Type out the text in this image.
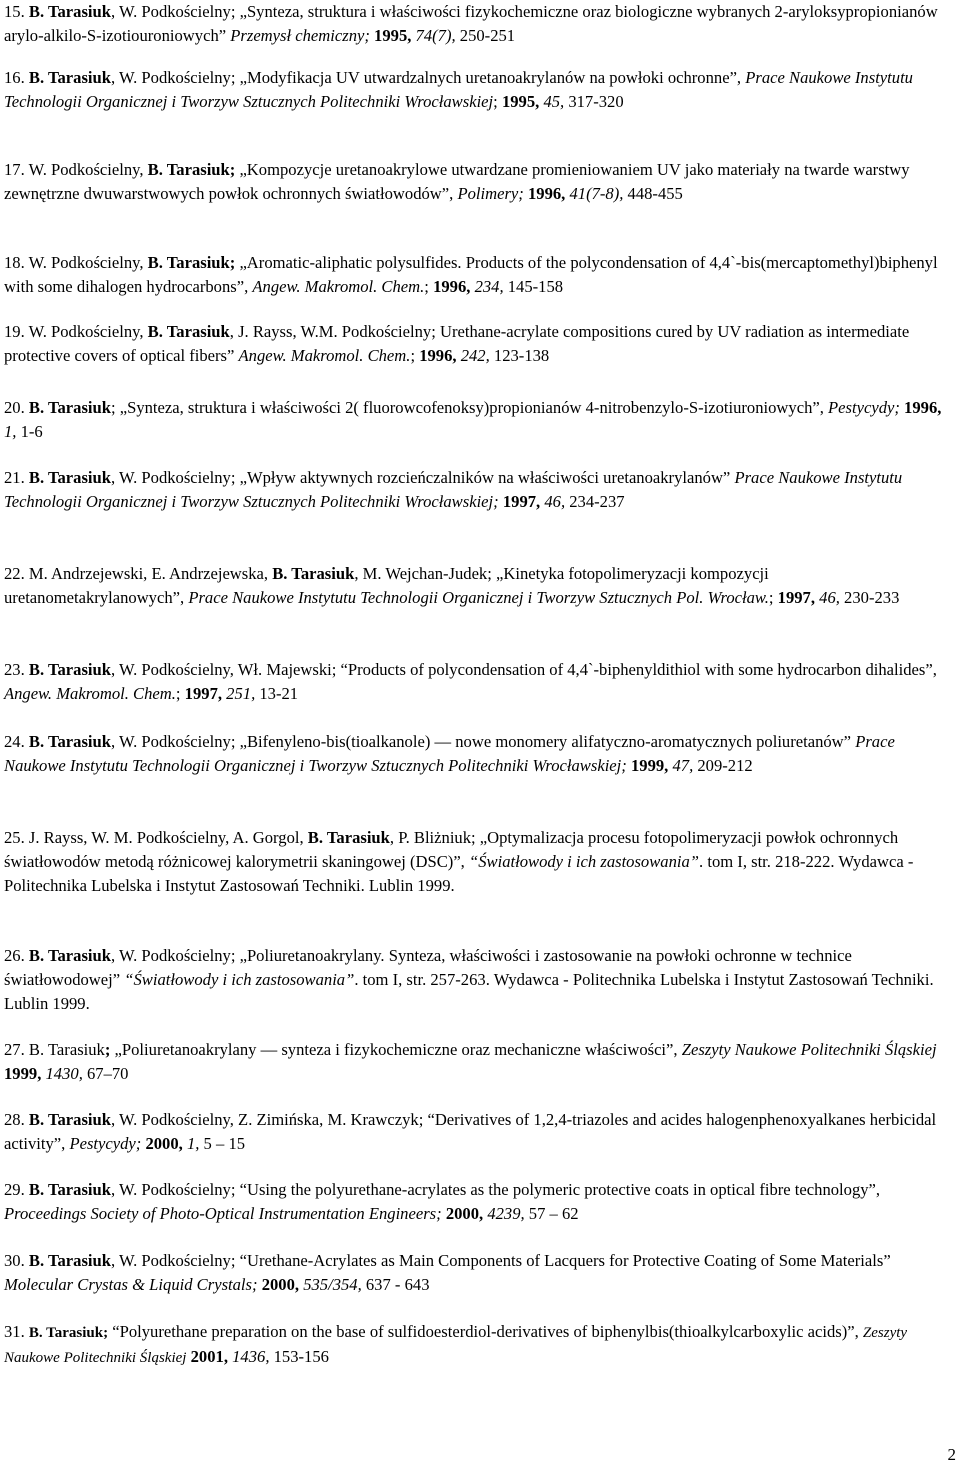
15. B. Tarasiuk, W. Podkościelny; „Synteza, struktura i właściwości fizykochemiczne oraz biologiczne wybranych 2-aryloksypropionianów arylo-alkilo-S-izotiouroniowych” Przemysł chemiczny; 1995, 74(7), 250-251

16. B. Tarasiuk, W. Podkościelny; „Modyfikacja UV utwardzalnych uretanoakrylanów na powłoki ochronne”, Prace Naukowe Instytutu Technologii Organicznej i Tworzyw Sztucznych Politechniki Wrocławskiej; 1995, 45, 317-320

17. W. Podkościelny, B. Tarasiuk; „Kompozycje uretanoakrylowe utwardzane promieniowaniem UV jako materiały na twarde warstwy zewnętrzne dwuwarstwowych powłok ochronnych światłowodów”, Polimery; 1996, 41(7-8), 448-455

18. W. Podkościelny, B. Tarasiuk; „Aromatic-aliphatic polysulfides. Products of the polycondensation of 4,4`-bis(mercaptomethyl)biphenyl with some dihalogen hydrocarbons”, Angew. Makromol. Chem.; 1996, 234, 145-158

19. W. Podkościelny, B. Tarasiuk, J. Rayss, W.M. Podkościelny; Urethane-acrylate compositions cured by UV radiation as intermediate protective covers of optical fibers” Angew. Makromol. Chem.; 1996, 242, 123-138

20. B. Tarasiuk; „Synteza, struktura i właściwości 2( fluorowcofenoksy)propionianów 4-nitrobenzylo-S-izotiuroniowych”, Pestycydy; 1996, 1, 1-6

21. B. Tarasiuk, W. Podkościelny; „Wpływ aktywnych rozcieńczalników na właściwości uretanoakrylanów” Prace Naukowe Instytutu Technologii Organicznej i Tworzyw Sztucznych Politechniki Wrocławskiej; 1997, 46, 234-237

22. M. Andrzejewski, E. Andrzejewska, B. Tarasiuk, M. Wejchan-Judek; „Kinetyka fotopolimeryzacji kompozycji uretanometakrylanowych”, Prace Naukowe Instytutu Technologii Organicznej i Tworzyw Sztucznych Pol. Wrocław.; 1997, 46, 230-233

23. B. Tarasiuk, W. Podkościelny, Wł. Majewski; “Products of polycondensation of 4,4`-biphenyldithiol with some hydrocarbon dihalides”, Angew. Makromol. Chem.; 1997, 251, 13-21

24. B. Tarasiuk, W. Podkościelny; „Bifenyleno-bis(tioalkanole) — nowe monomery alifatyczno-aromatycznych poliuretanów” Prace Naukowe Instytutu Technologii Organicznej i Tworzyw Sztucznych Politechniki Wrocławskiej; 1999, 47, 209-212

25. J. Rayss, W. M. Podkościelny, A. Gorgol, B. Tarasiuk, P. Bliżniuk; „Optymalizacja procesu fotopolimeryzacji powłok ochronnych światłowodów metodą różnicowej kalorymetrii skaningowej (DSC)”, “Światłowody i ich zastosowania”. tom I, str. 218-222. Wydawca - Politechnika Lubelska i Instytut Zastosowań Techniki. Lublin 1999.

26. B. Tarasiuk, W. Podkościelny; „Poliuretanoakrylany. Synteza, właściwości i zastosowanie na powłoki ochronne w technice światłowodowej” “Światłowody i ich zastosowania”. tom I, str. 257-263. Wydawca - Politechnika Lubelska i Instytut Zastosowań Techniki. Lublin 1999.

27. B. Tarasiuk; „Poliuretanoakrylany — synteza i fizykochemiczne oraz mechaniczne właściwości”, Zeszyty Naukowe Politechniki Śląskiej 1999, 1430, 67–70

28. B. Tarasiuk, W. Podkościelny, Z. Zimińska, M. Krawczyk; “Derivatives of 1,2,4-triazoles and acides halogenphenoxyalkanes herbicidal activity”, Pestycydy; 2000, 1, 5 – 15

29. B. Tarasiuk, W. Podkościelny; “Using the polyurethane-acrylates as the polymeric protective coats in optical fibre technology”, Proceedings Society of Photo-Optical Instrumentation Engineers; 2000, 4239, 57 – 62

30. B. Tarasiuk, W. Podkościelny; “Urethane-Acrylates as Main Components of Lacquers for Protective Coating of Some Materials” Molecular Crystas & Liquid Crystals; 2000, 535/354, 637 - 643

31. B. Tarasiuk; “Polyurethane preparation on the base of sulfidoesterdiol-derivatives of biphenylbis(thioalkylcarboxylic acids)”, Zeszyty Naukowe Politechniki Śląskiej 2001, 1436, 153-156

2
